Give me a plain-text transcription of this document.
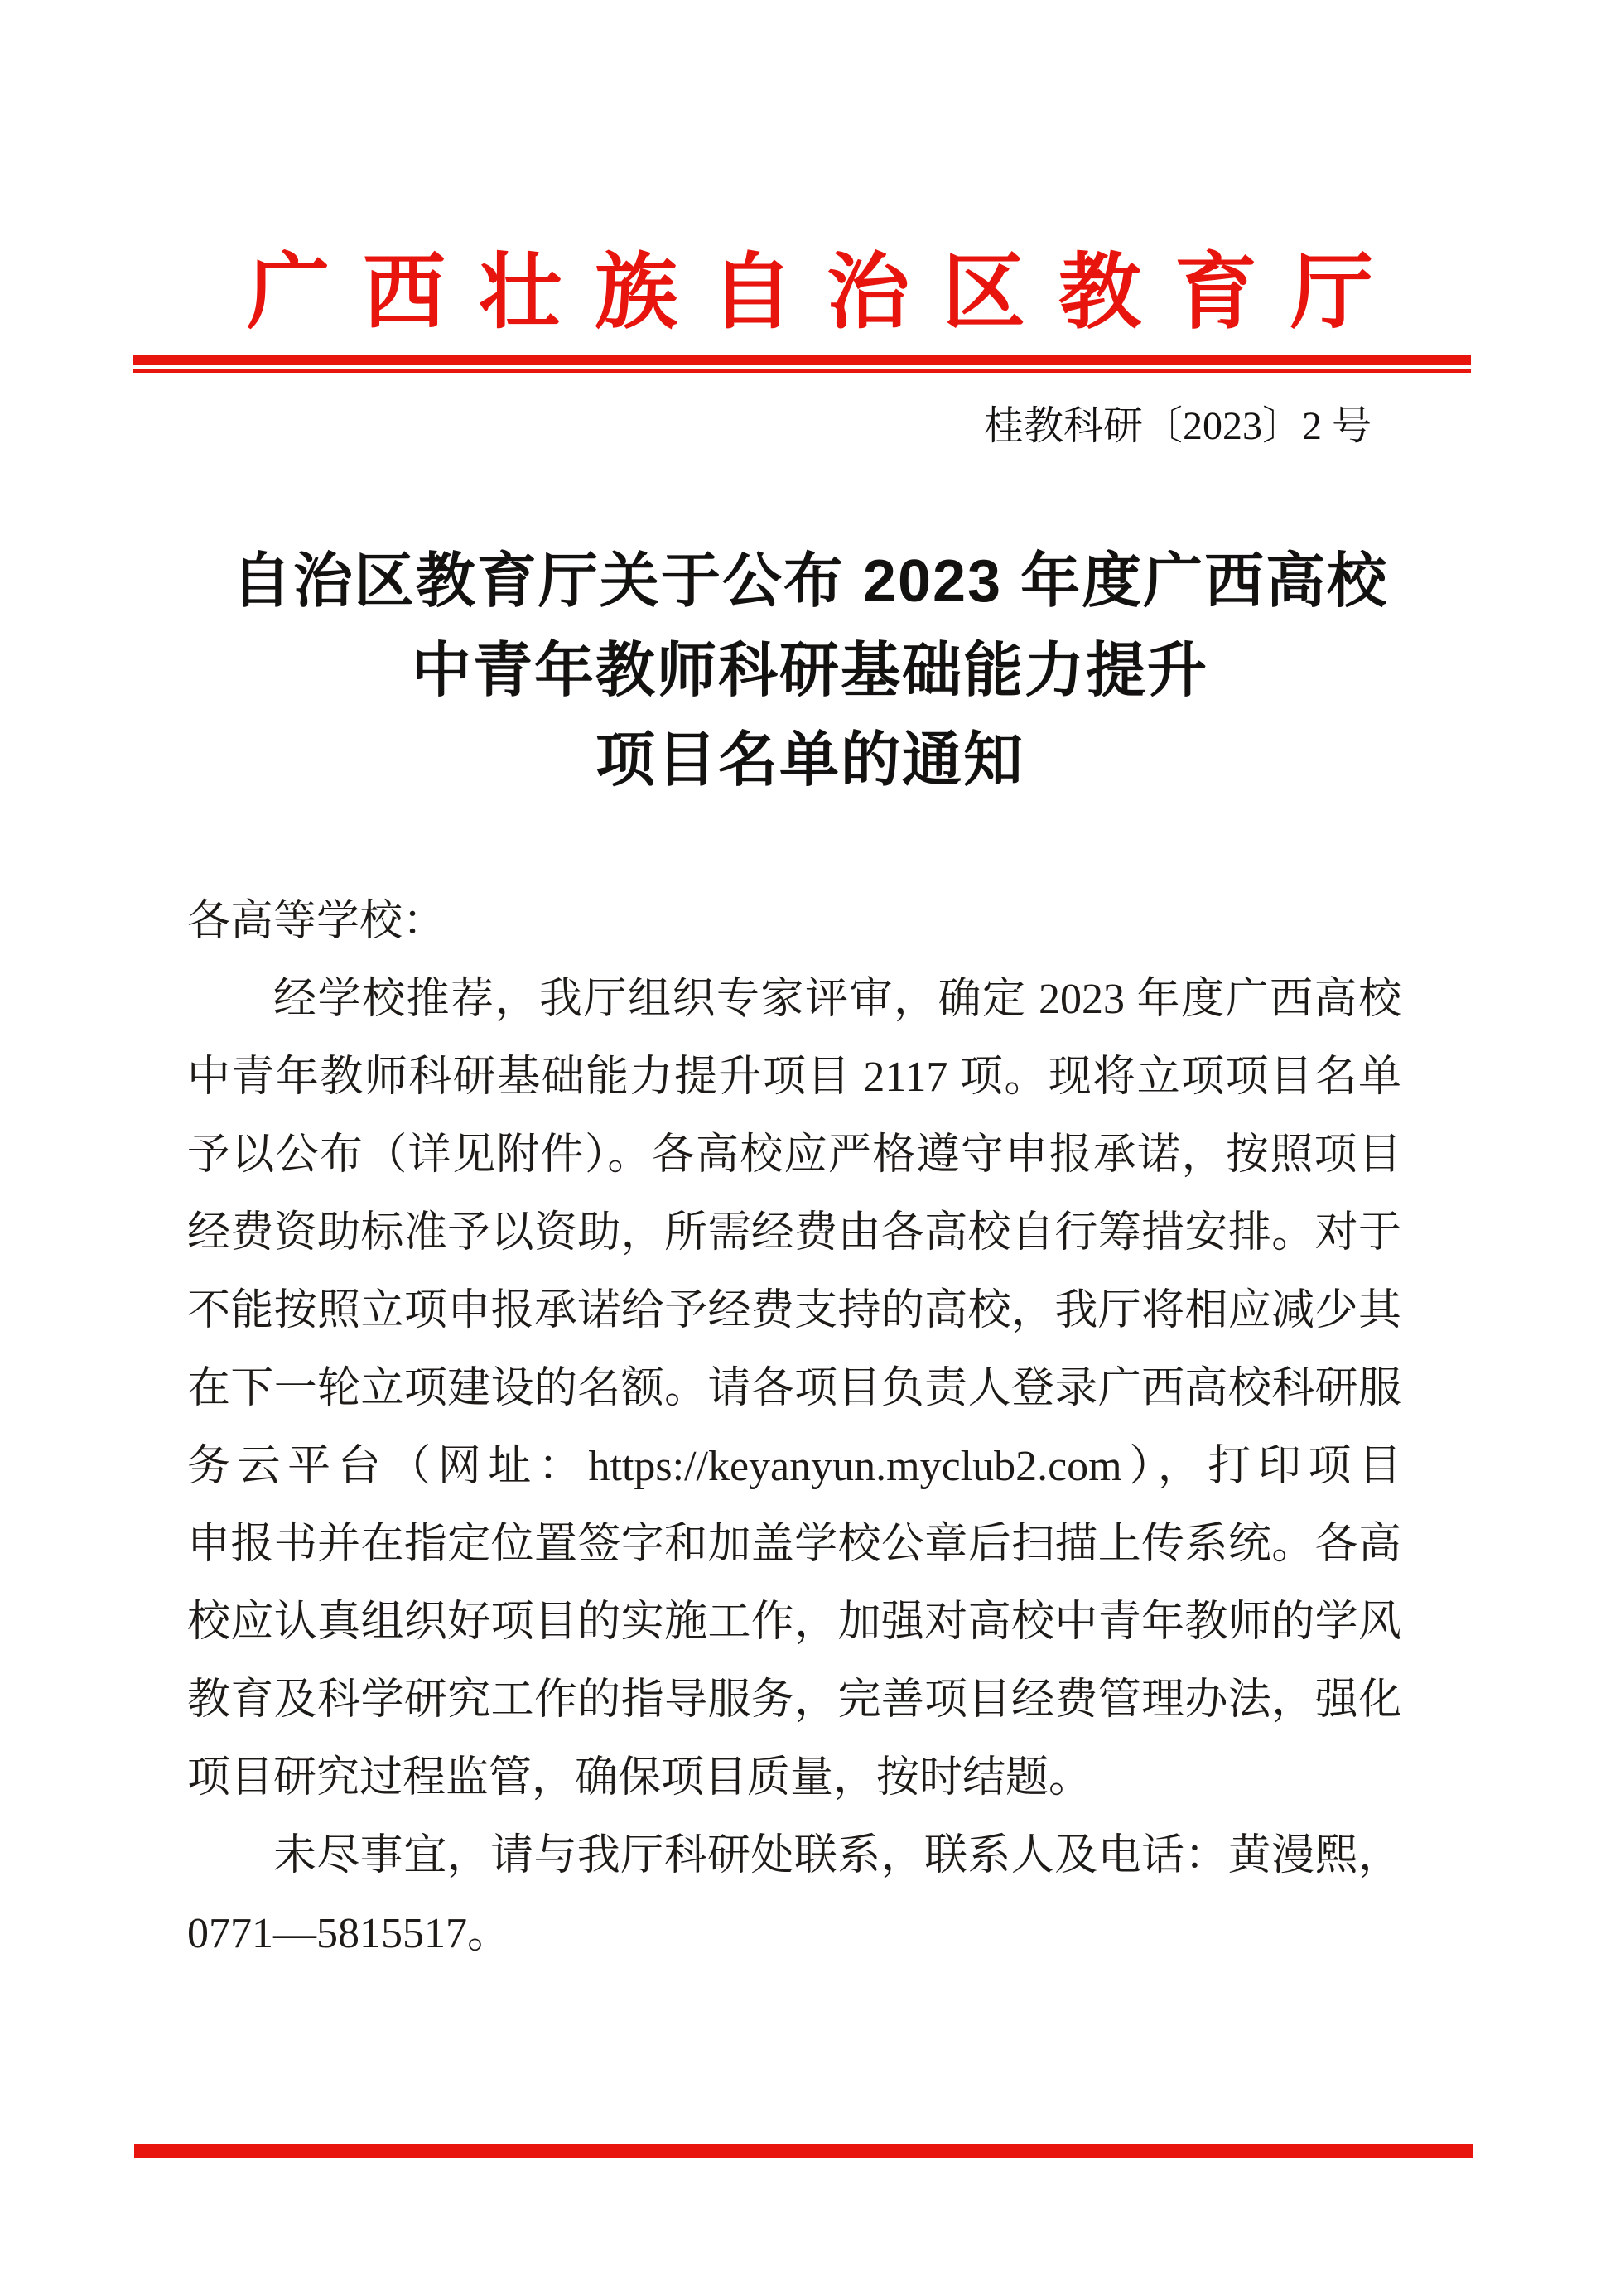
广西壮族自治区教育厅
桂教科研〔2023〕2 号
自治区教育厅关于公布 2023 年度广西高校
中青年教师科研基础能力提升
项目名单的通知
各高等学校：
经学校推荐，我厅组织专家评审，确定 2023 年度广西高校
中青年教师科研基础能力提升项目 2117 项。现将立项项目名单
予以公布（详见附件）。各高校应严格遵守申报承诺，按照项目
经费资助标准予以资助，所需经费由各高校自行筹措安排。对于
不能按照立项申报承诺给予经费支持的高校，我厅将相应减少其
在下一轮立项建设的名额。请各项目负责人登录广西高校科研服
务云平台（网址：https://keyanyun.myclub2.com），打印项目
申报书并在指定位置签字和加盖学校公章后扫描上传系统。各高
校应认真组织好项目的实施工作，加强对高校中青年教师的学风
教育及科学研究工作的指导服务，完善项目经费管理办法，强化
项目研究过程监管，确保项目质量，按时结题。
未尽事宜，请与我厅科研处联系，联系人及电话：黄漫熙，
0771—5815517。
